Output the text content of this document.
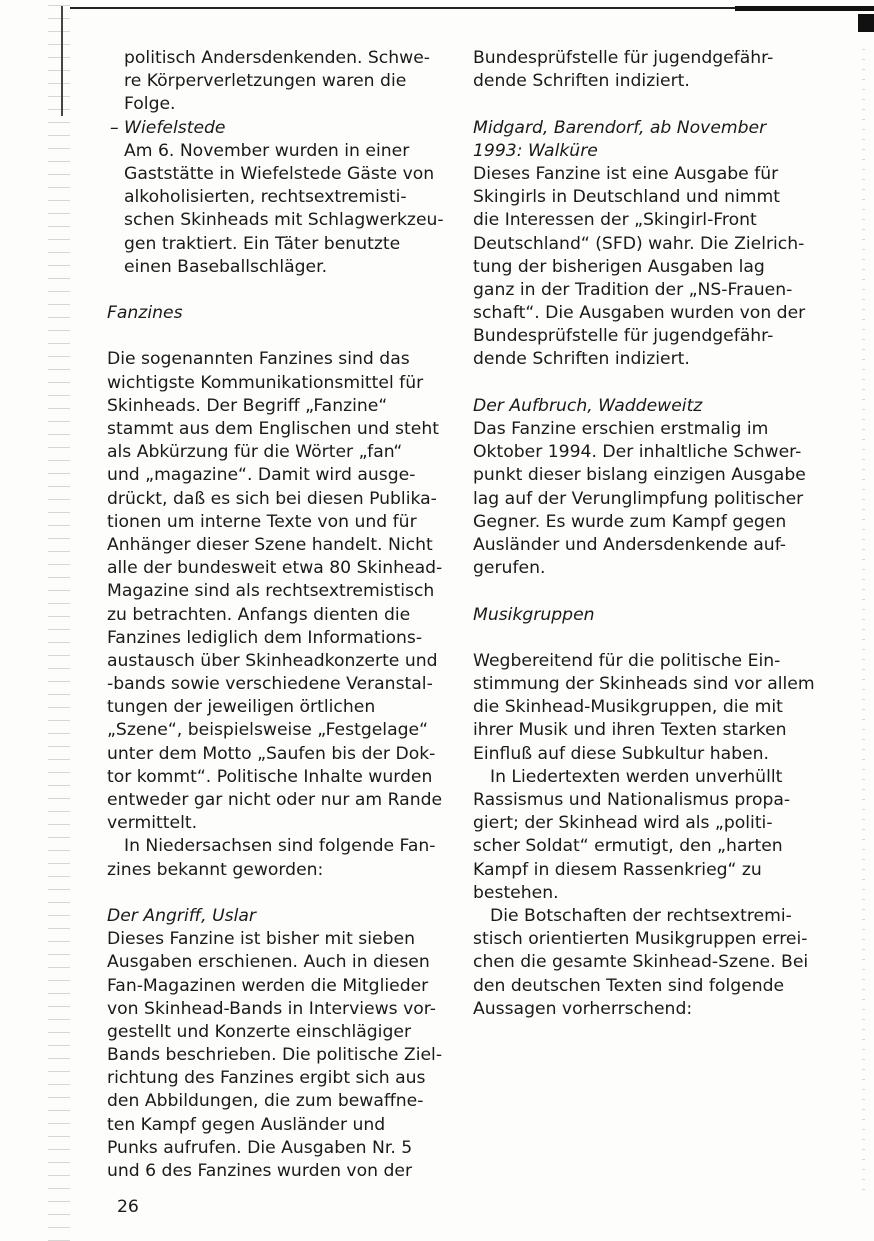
politisch Andersdenkenden. Schwe-
re Körperverletzungen waren die
Folge.
– Wiefelstede
Am 6. November wurden in einer
Gaststätte in Wiefelstede Gäste von
alkoholisierten, rechtsextremisti-
schen Skinheads mit Schlagwerkzeu-
gen traktiert. Ein Täter benutzte
einen Baseballschläger.
Fanzines
Die sogenannten Fanzines sind das
wichtigste Kommunikationsmittel für
Skinheads. Der Begriff „Fanzine“
stammt aus dem Englischen und steht
als Abkürzung für die Wörter „fan“
und „magazine“. Damit wird ausge-
drückt, daß es sich bei diesen Publika-
tionen um interne Texte von und für
Anhänger dieser Szene handelt. Nicht
alle der bundesweit etwa 80 Skinhead-
Magazine sind als rechtsextremistisch
zu betrachten. Anfangs dienten die
Fanzines lediglich dem Informations-
austausch über Skinheadkonzerte und
-bands sowie verschiedene Veranstal-
tungen der jeweiligen örtlichen
„Szene“, beispielsweise „Festgelage“
unter dem Motto „Saufen bis der Dok-
tor kommt“. Politische Inhalte wurden
entweder gar nicht oder nur am Rande
vermittelt.
In Niedersachsen sind folgende Fan-
zines bekannt geworden:
Der Angriff, Uslar
Dieses Fanzine ist bisher mit sieben
Ausgaben erschienen. Auch in diesen
Fan-Magazinen werden die Mitglieder
von Skinhead-Bands in Interviews vor-
gestellt und Konzerte einschlägiger
Bands beschrieben. Die politische Ziel-
richtung des Fanzines ergibt sich aus
den Abbildungen, die zum bewaffne-
ten Kampf gegen Ausländer und
Punks aufrufen. Die Ausgaben Nr. 5
und 6 des Fanzines wurden von der
Bundesprüfstelle für jugendgefähr-
dende Schriften indiziert.
Midgard, Barendorf, ab November
1993: Walküre
Dieses Fanzine ist eine Ausgabe für
Skingirls in Deutschland und nimmt
die Interessen der „Skingirl-Front
Deutschland“ (SFD) wahr. Die Zielrich-
tung der bisherigen Ausgaben lag
ganz in der Tradition der „NS-Frauen-
schaft“. Die Ausgaben wurden von der
Bundesprüfstelle für jugendgefähr-
dende Schriften indiziert.
Der Aufbruch, Waddeweitz
Das Fanzine erschien erstmalig im
Oktober 1994. Der inhaltliche Schwer-
punkt dieser bislang einzigen Ausgabe
lag auf der Verunglimpfung politischer
Gegner. Es wurde zum Kampf gegen
Ausländer und Andersdenkende auf-
gerufen.
Musikgruppen
Wegbereitend für die politische Ein-
stimmung der Skinheads sind vor allem
die Skinhead-Musikgruppen, die mit
ihrer Musik und ihren Texten starken
Einfluß auf diese Subkultur haben.
In Liedertexten werden unverhüllt
Rassismus und Nationalismus propa-
giert; der Skinhead wird als „politi-
scher Soldat“ ermutigt, den „harten
Kampf in diesem Rassenkrieg“ zu
bestehen.
Die Botschaften der rechtsextremi-
stisch orientierten Musikgruppen errei-
chen die gesamte Skinhead-Szene. Bei
den deutschen Texten sind folgende
Aussagen vorherrschend:
26
